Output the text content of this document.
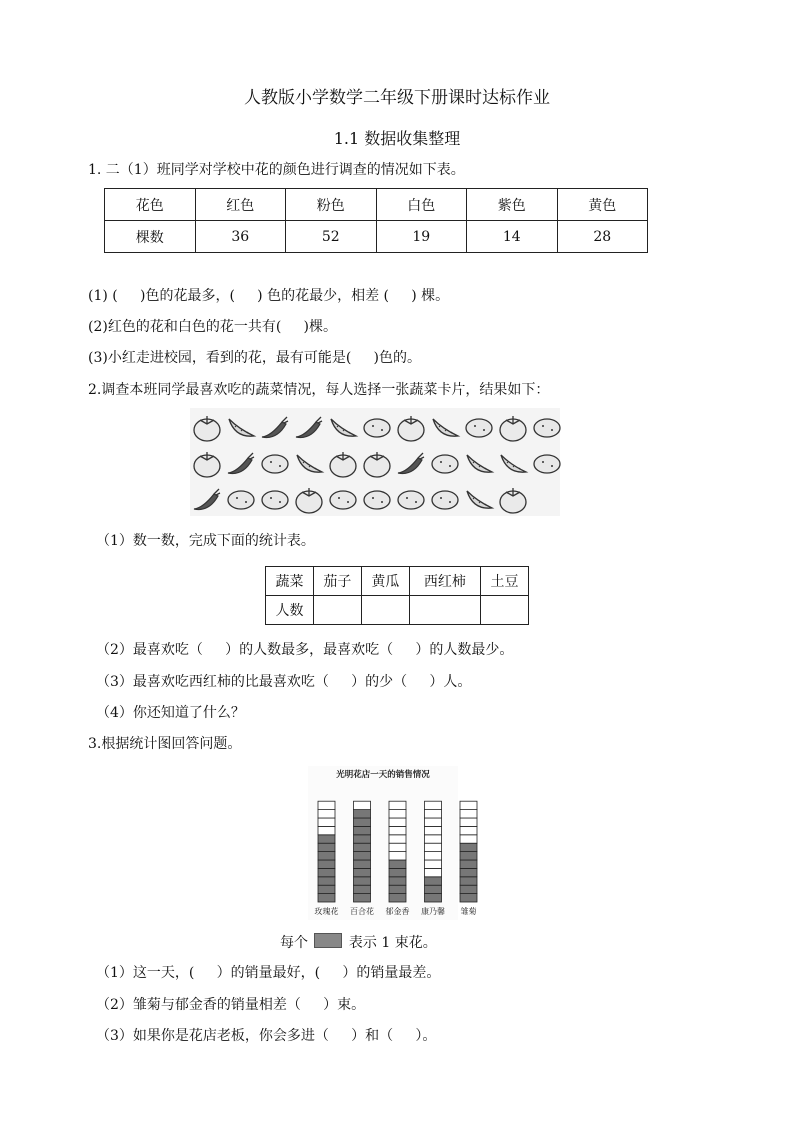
人教版小学数学二年级下册课时达标作业
1.1 数据收集整理
1. 二（1）班同学对学校中花的颜色进行调查的情况如下表。
花色	红色	粉色	白色	紫色	黄色
棵数	36	52	19	14	28
(1) (     )色的花最多，(     ) 色的花最少，相差 (     ) 棵。
(2)红色的花和白色的花一共有(     )棵。
(3)小红走进校园，看到的花，最有可能是(     )色的。
2.调查本班同学最喜欢吃的蔬菜情况，每人选择一张蔬菜卡片，结果如下：
（1）数一数，完成下面的统计表。
蔬菜	茄子	黄瓜	西红柿	土豆
人数				
（2）最喜欢吃（     ）的人数最多，最喜欢吃（     ）的人数最少。
（3）最喜欢吃西红柿的比最喜欢吃（     ）的少（     ）人。
（4）你还知道了什么？
3.根据统计图回答问题。
光明花店一天的销售情况
玫瑰花 百合花 郁金香 康乃馨 雏菊
每个	表示 1 束花。
（1）这一天，(     ）的销量最好，(     ）的销量最差。
（2）雏菊与郁金香的销量相差（     ）束。
（3）如果你是花店老板，你会多进（     ）和（     ）。
